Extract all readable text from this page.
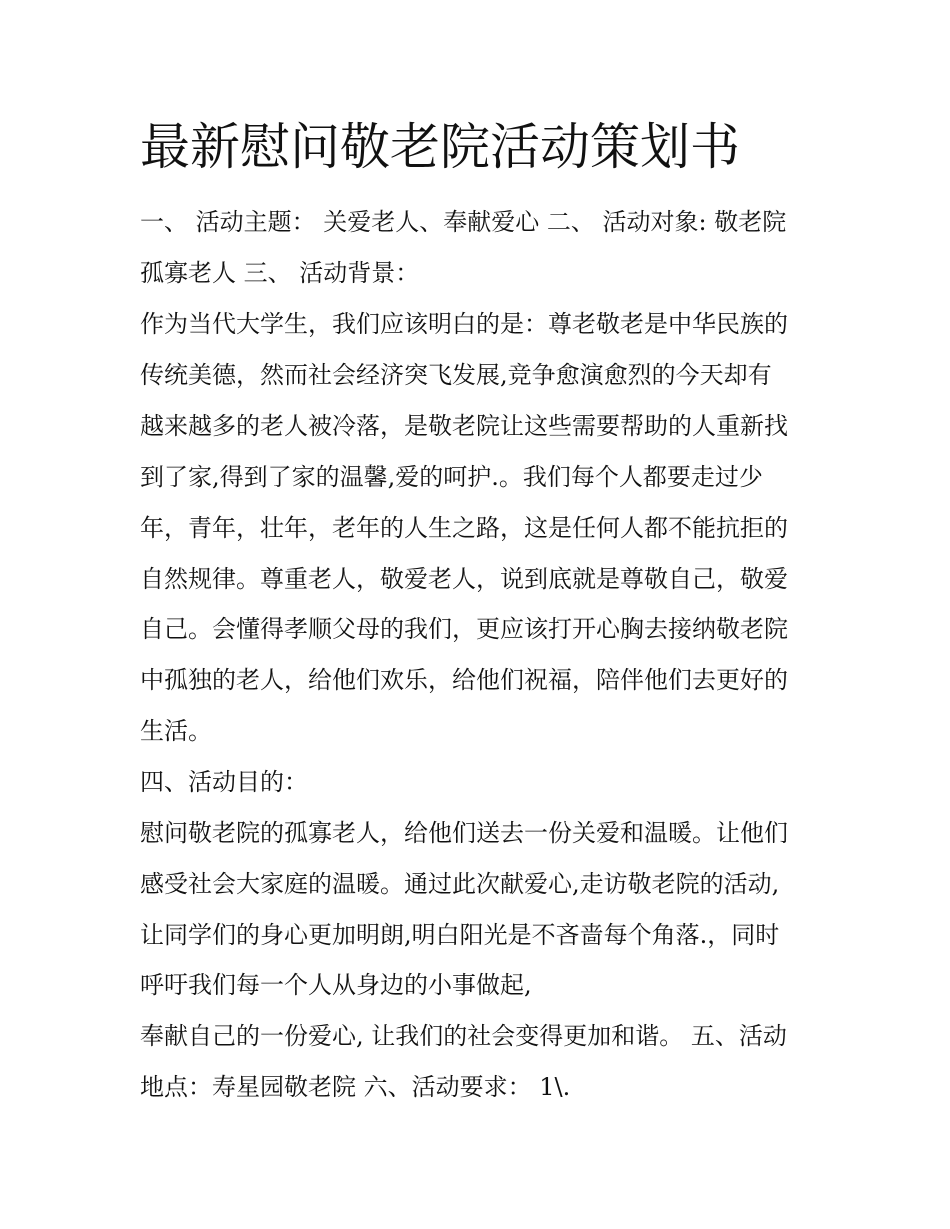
最新慰问敬老院活动策划书

一、 活动主题： 关爱老人、奉献爱心 二、 活动对象: 敬老院

孤寡老人 三、 活动背景：

作为当代大学生，我们应该明白的是：尊老敬老是中华民族的

传统美德，然而社会经济突飞发展,竞争愈演愈烈的今天却有

越来越多的老人被冷落，是敬老院让这些需要帮助的人重新找

到了家,得到了家的温馨,爱的呵护.。我们每个人都要走过少

年，青年，壮年，老年的人生之路，这是任何人都不能抗拒的

自然规律。尊重老人，敬爱老人，说到底就是尊敬自己，敬爱

自己。会懂得孝顺父母的我们，更应该打开心胸去接纳敬老院

中孤独的老人，给他们欢乐，给他们祝福，陪伴他们去更好的

生活。

四、活动目的：

慰问敬老院的孤寡老人，给他们送去一份关爱和温暖。让他们

感受社会大家庭的温暖。通过此次献爱心,走访敬老院的活动,

让同学们的身心更加明朗,明白阳光是不吝啬每个角落.，同时

呼吁我们每一个人从身边的小事做起,

奉献自己的一份爱心, 让我们的社会变得更加和谐。 五、活动

地点：寿星园敬老院 六、活动要求： 1\.
